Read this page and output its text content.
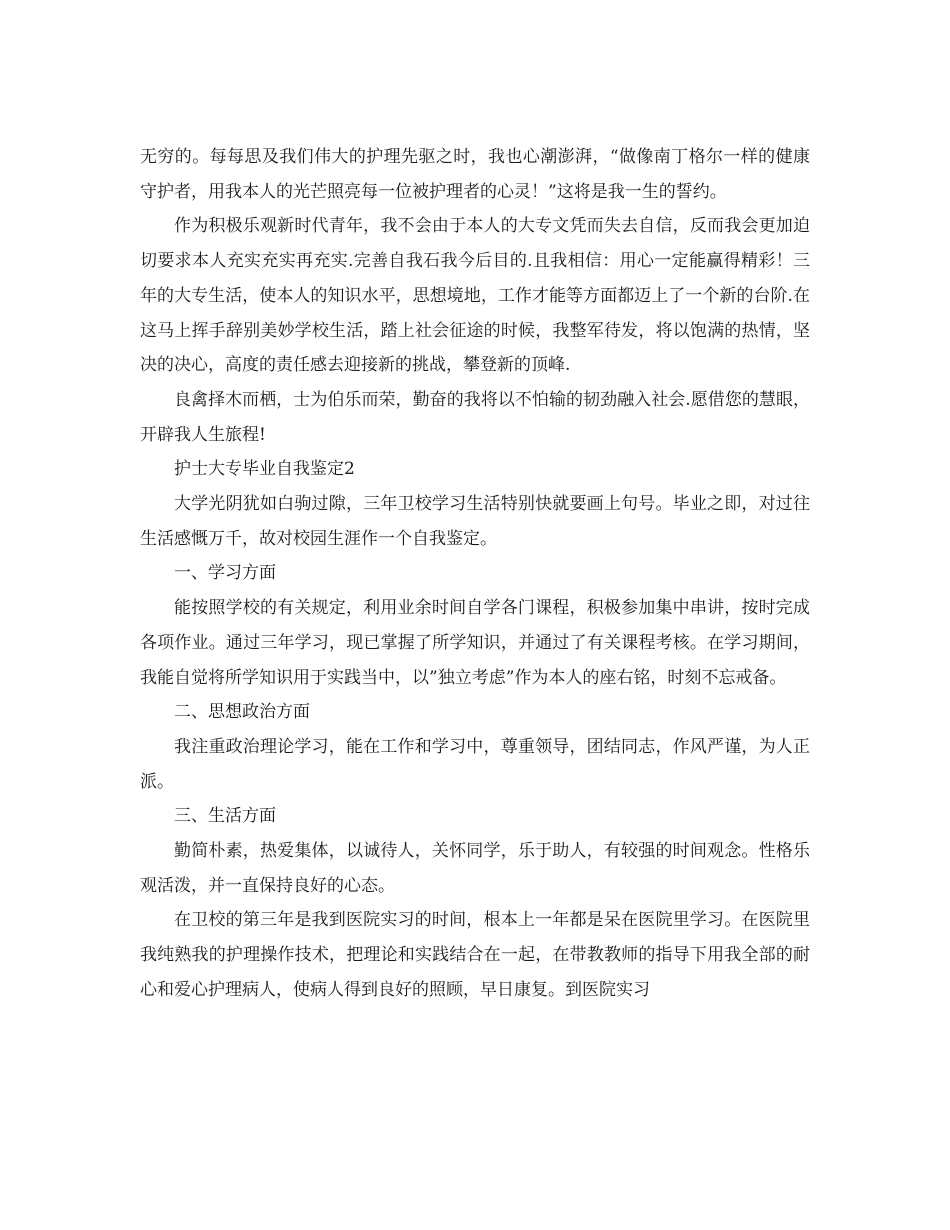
无穷的。每每思及我们伟大的护理先驱之时，我也心潮澎湃，“做像南丁格尔一样的健康守护者，用我本人的光芒照亮每一位被护理者的心灵！”这将是我一生的誓约。

作为积极乐观新时代青年，我不会由于本人的大专文凭而失去自信，反而我会更加迫切要求本人充实充实再充实.完善自我石我今后目的.且我相信：用心一定能赢得精彩！三年的大专生活，使本人的知识水平，思想境地，工作才能等方面都迈上了一个新的台阶.在这马上挥手辞别美妙学校生活，踏上社会征途的时候，我整军待发，将以饱满的热情，坚决的决心，高度的责任感去迎接新的挑战，攀登新的顶峰.

良禽择木而栖，士为伯乐而荣，勤奋的我将以不怕输的韧劲融入社会.愿借您的慧眼，开辟我人生旅程!

护士大专毕业自我鉴定2

大学光阴犹如白驹过隙，三年卫校学习生活特别快就要画上句号。毕业之即，对过往生活感慨万千，故对校园生涯作一个自我鉴定。

一、学习方面

能按照学校的有关规定，利用业余时间自学各门课程，积极参加集中串讲，按时完成各项作业。通过三年学习，现已掌握了所学知识，并通过了有关课程考核。在学习期间，我能自觉将所学知识用于实践当中，以”独立考虑”作为本人的座右铭，时刻不忘戒备。

二、思想政治方面

我注重政治理论学习，能在工作和学习中，尊重领导，团结同志，作风严谨，为人正派。

三、生活方面

勤简朴素，热爱集体，以诚待人，关怀同学，乐于助人，有较强的时间观念。性格乐观活泼，并一直保持良好的心态。

在卫校的第三年是我到医院实习的时间，根本上一年都是呆在医院里学习。在医院里我纯熟我的护理操作技术，把理论和实践结合在一起，在带教教师的指导下用我全部的耐心和爱心护理病人，使病人得到良好的照顾，早日康复。到医院实习
